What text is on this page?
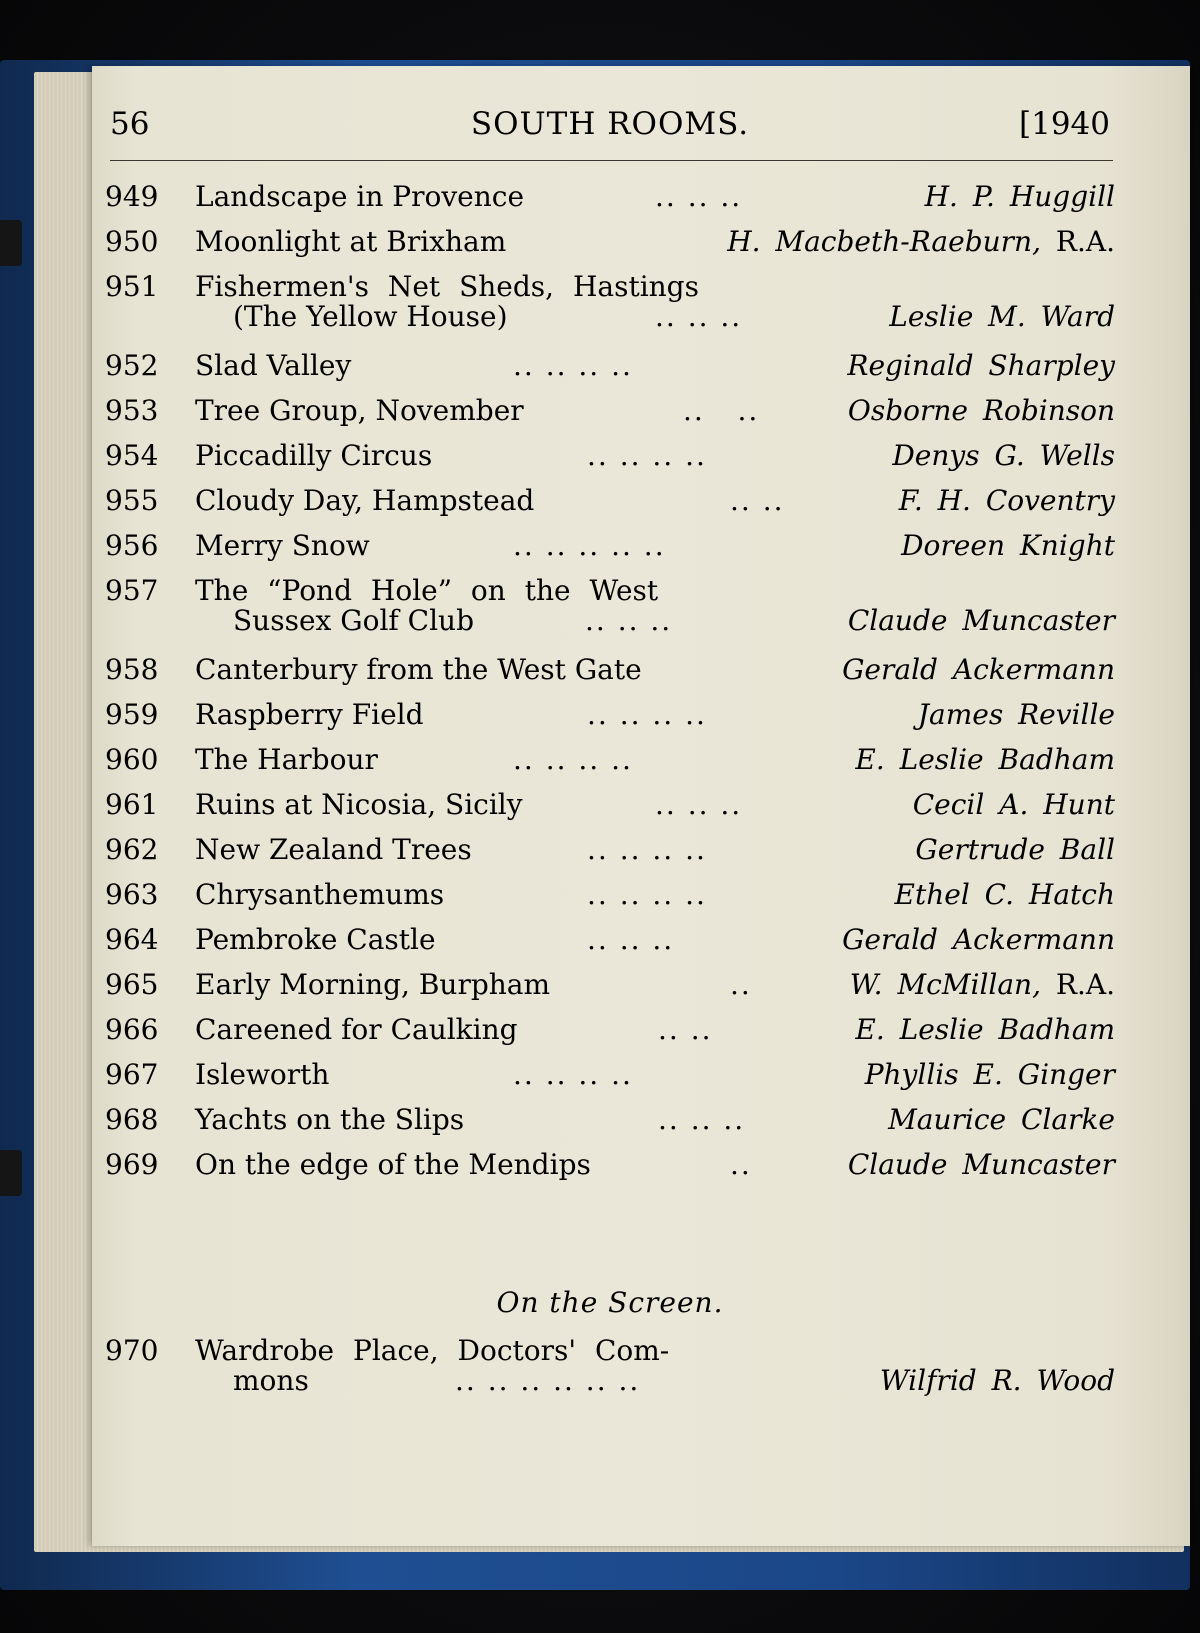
56	SOUTH ROOMS.	[1940
949 Landscape in Provence	.. .. ..	H. P. Huggill
950 Moonlight at Brixham	H. Macbeth-Raeburn, R.A.
951 Fishermen's Net Sheds, Hastings
(The Yellow House)	.. .. ..	Leslie M. Ward
952 Slad Valley	.. .. .. ..	Reginald Sharpley
953 Tree Group, November	..   ..	Osborne Robinson
954 Piccadilly Circus	.. .. .. ..	Denys G. Wells
955 Cloudy Day, Hampstead	.. ..	F. H. Coventry
956 Merry Snow	.. .. .. .. ..	Doreen Knight
957 The “Pond Hole” on the West
Sussex Golf Club	.. .. ..	Claude Muncaster
958 Canterbury from the West Gate	Gerald Ackermann
959 Raspberry Field	.. .. .. ..	James Reville
960 The Harbour	.. .. .. ..	E. Leslie Badham
961 Ruins at Nicosia, Sicily	.. .. ..	Cecil A. Hunt
962 New Zealand Trees	.. .. .. ..	Gertrude Ball
963 Chrysanthemums	.. .. .. ..	Ethel C. Hatch
964 Pembroke Castle	.. .. ..	Gerald Ackermann
965 Early Morning, Burpham	..	W. McMillan, R.A.
966 Careened for Caulking	.. ..	E. Leslie Badham
967 Isleworth	.. .. .. ..	Phyllis E. Ginger
968 Yachts on the Slips	.. .. ..	Maurice Clarke
969 On the edge of the Mendips	..	Claude Muncaster
On the Screen.
970 Wardrobe Place, Doctors' Com-
mons	.. .. .. .. .. ..	Wilfrid R. Wood
